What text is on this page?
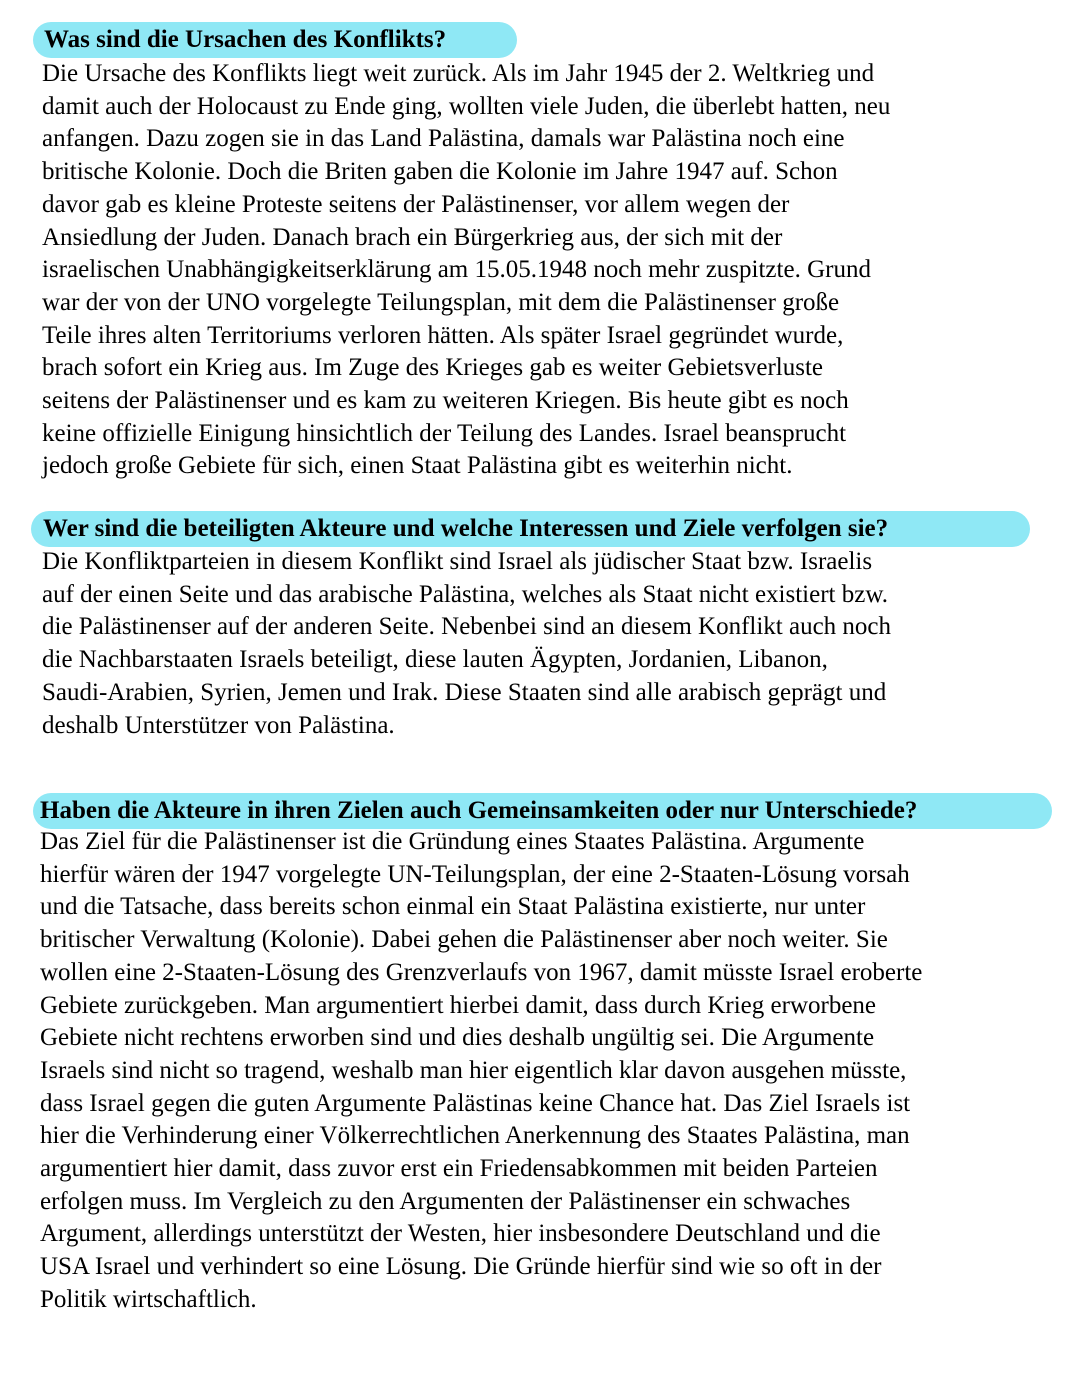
Was sind die Ursachen des Konflikts?

Die Ursache des Konflikts liegt weit zurück. Als im Jahr 1945 der 2. Weltkrieg und
damit auch der Holocaust zu Ende ging, wollten viele Juden, die überlebt hatten, neu
anfangen. Dazu zogen sie in das Land Palästina, damals war Palästina noch eine
britische Kolonie. Doch die Briten gaben die Kolonie im Jahre 1947 auf. Schon
davor gab es kleine Proteste seitens der Palästinenser, vor allem wegen der
Ansiedlung der Juden. Danach brach ein Bürgerkrieg aus, der sich mit der
israelischen Unabhängigkeitserklärung am 15.05.1948 noch mehr zuspitzte. Grund
war der von der UNO vorgelegte Teilungsplan, mit dem die Palästinenser große
Teile ihres alten Territoriums verloren hätten. Als später Israel gegründet wurde,
brach sofort ein Krieg aus. Im Zuge des Krieges gab es weiter Gebietsverluste
seitens der Palästinenser und es kam zu weiteren Kriegen. Bis heute gibt es noch
keine offizielle Einigung hinsichtlich der Teilung des Landes. Israel beansprucht
jedoch große Gebiete für sich, einen Staat Palästina gibt es weiterhin nicht.

Wer sind die beteiligten Akteure und welche Interessen und Ziele verfolgen sie?

Die Konfliktparteien in diesem Konflikt sind Israel als jüdischer Staat bzw. Israelis
auf der einen Seite und das arabische Palästina, welches als Staat nicht existiert bzw.
die Palästinenser auf der anderen Seite. Nebenbei sind an diesem Konflikt auch noch
die Nachbarstaaten Israels beteiligt, diese lauten Ägypten, Jordanien, Libanon,
Saudi-Arabien, Syrien, Jemen und Irak. Diese Staaten sind alle arabisch geprägt und
deshalb Unterstützer von Palästina.

Haben die Akteure in ihren Zielen auch Gemeinsamkeiten oder nur Unterschiede?

Das Ziel für die Palästinenser ist die Gründung eines Staates Palästina. Argumente
hierfür wären der 1947 vorgelegte UN-Teilungsplan, der eine 2-Staaten-Lösung vorsah
und die Tatsache, dass bereits schon einmal ein Staat Palästina existierte, nur unter
britischer Verwaltung (Kolonie). Dabei gehen die Palästinenser aber noch weiter. Sie
wollen eine 2-Staaten-Lösung des Grenzverlaufs von 1967, damit müsste Israel eroberte
Gebiete zurückgeben. Man argumentiert hierbei damit, dass durch Krieg erworbene
Gebiete nicht rechtens erworben sind und dies deshalb ungültig sei. Die Argumente
Israels sind nicht so tragend, weshalb man hier eigentlich klar davon ausgehen müsste,
dass Israel gegen die guten Argumente Palästinas keine Chance hat. Das Ziel Israels ist
hier die Verhinderung einer Völkerrechtlichen Anerkennung des Staates Palästina, man
argumentiert hier damit, dass zuvor erst ein Friedensabkommen mit beiden Parteien
erfolgen muss. Im Vergleich zu den Argumenten der Palästinenser ein schwaches
Argument, allerdings unterstützt der Westen, hier insbesondere Deutschland und die
USA Israel und verhindert so eine Lösung. Die Gründe hierfür sind wie so oft in der
Politik wirtschaftlich.
